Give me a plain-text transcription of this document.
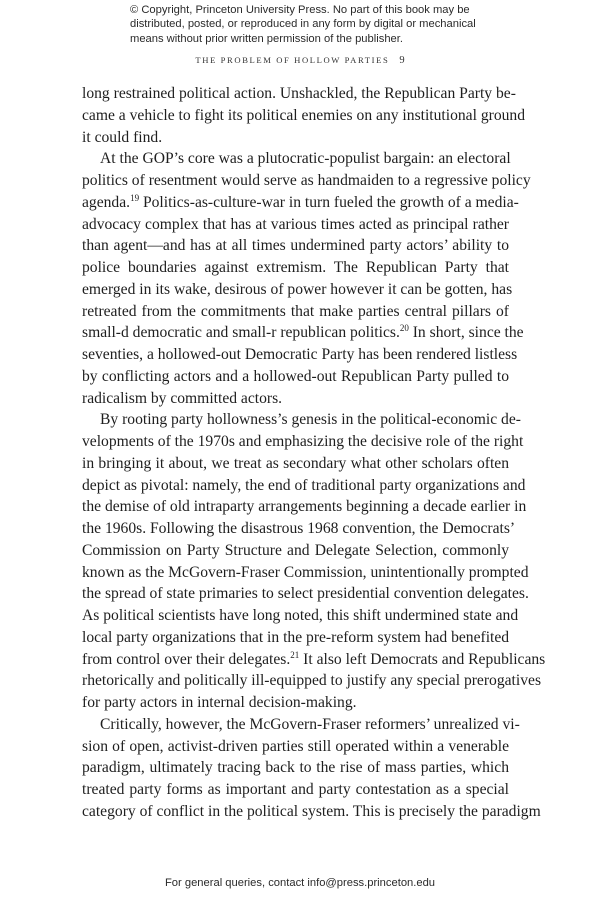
© Copyright, Princeton University Press. No part of this book may be
distributed, posted, or reproduced in any form by digital or mechanical
means without prior written permission of the publisher.
THE PROBLEM OF HOLLOW PARTIES 9
long restrained political action. Unshackled, the Republican Party be-
came a vehicle to fight its political enemies on any institutional ground
it could find.
At the GOP’s core was a plutocratic-populist bargain: an electoral
politics of resentment would serve as handmaiden to a regressive policy
agenda.$^{19}$ Politics-as-culture-war in turn fueled the growth of a media-
advocacy complex that has at various times acted as principal rather
than agent—and has at all times undermined party actors’ ability to
police boundaries against extremism. The Republican Party that
emerged in its wake, desirous of power however it can be gotten, has
retreated from the commitments that make parties central pillars of
small-d democratic and small-r republican politics.$^{20}$ In short, since the
seventies, a hollowed-out Democratic Party has been rendered listless
by conflicting actors and a hollowed-out Republican Party pulled to
radicalism by committed actors.
By rooting party hollowness’s genesis in the political-economic de-
velopments of the 1970s and emphasizing the decisive role of the right
in bringing it about, we treat as secondary what other scholars often
depict as pivotal: namely, the end of traditional party organizations and
the demise of old intraparty arrangements beginning a decade earlier in
the 1960s. Following the disastrous 1968 convention, the Democrats’
Commission on Party Structure and Delegate Selection, commonly
known as the McGovern-Fraser Commission, unintentionally prompted
the spread of state primaries to select presidential convention delegates.
As political scientists have long noted, this shift undermined state and
local party organizations that in the pre-reform system had benefited
from control over their delegates.$^{21}$ It also left Democrats and Republicans
rhetorically and politically ill-equipped to justify any special prerogatives
for party actors in internal decision-making.
Critically, however, the McGovern-Fraser reformers’ unrealized vi-
sion of open, activist-driven parties still operated within a venerable
paradigm, ultimately tracing back to the rise of mass parties, which
treated party forms as important and party contestation as a special
category of conflict in the political system. This is precisely the paradigm
For general queries, contact info@press.princeton.edu
